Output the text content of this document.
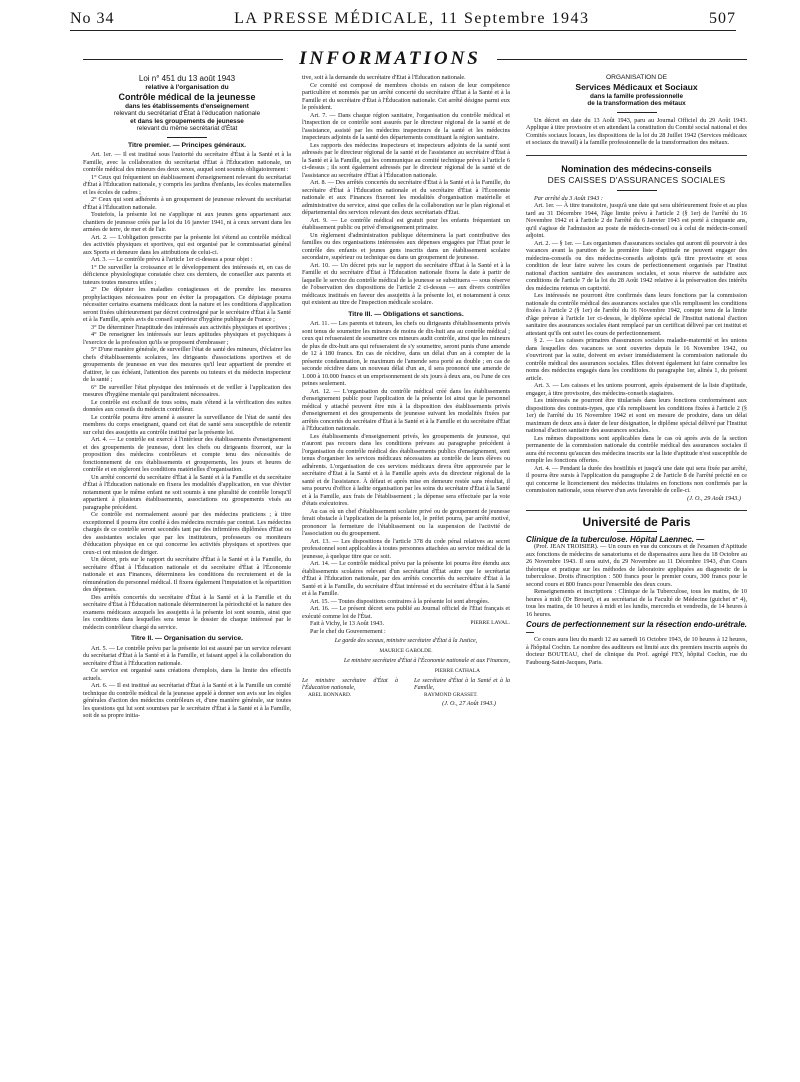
No 34	LA PRESSE MÉDICALE, 11 Septembre 1943	507
INFORMATIONS
Loi n° 451 du 13 août 1943
relative à l'organisation du
Contrôle médical de la jeunesse
dans les établissements d'enseignement
relevant du secrétariat d'État à l'éducation nationale
et dans les groupements de jeunesse
relevant du même secrétariat d'État
Titre premier. — Principes généraux.

Art. 1er. — Il est institué sous l'autorité du secrétaire d'État à la Santé et à la Famille, avec la collaboration du secrétariat d'État à l'Éducation nationale, un contrôle médical des mineurs des deux sexes, auquel sont soumis obligatoirement :

1° Ceux qui fréquentent un établissement d'enseignement relevant du secrétariat d'État à l'Éducation nationale, y compris les jardins d'enfants, les écoles maternelles et les écoles de cadres ;

2° Ceux qui sont adhérents à un groupement de jeunesse relevant du secrétariat d'État à l'Éducation nationale.

Toutefois, la présente loi ne s'applique ni aux jeunes gens appartenant aux chantiers de jeunesse créés par la loi du 16 janvier 1941, ni à ceux servant dans les armées de terre, de mer et de l'air.

Art. 2. — L'obligation prescrite par la présente loi s'étend au contrôle médical des activités physiques et sportives, qui est organisé par le commissariat général aux Sports et demeure dans les attributions de celui-ci.

Art. 3. — Le contrôle prévu à l'article 1er ci-dessus a pour objet :

1° De surveiller la croissance et le développement des intéressés et, en cas de déficience physiologique constatée chez ces derniers, de conseiller aux parents et tuteurs toutes mesures utiles ;

2° De dépister les maladies contagieuses et de prendre les mesures prophylactiques nécessaires pour en éviter la propagation. Ce dépistage pourra nécessiter certains examens médicaux dont la nature et les conditions d'application seront fixées ultérieurement par décret contresigné par le secrétaire d'État à la Santé et à la Famille, après avis du conseil supérieur d'hygiène publique de France ;

3° De déterminer l'inaptitude des intéressés aux activités physiques et sportives ;

4° De renseigner les intéressés sur leurs aptitudes physiques et psychiques à l'exercice de la profession qu'ils se proposent d'embrasser ;

5° D'une manière générale, de surveiller l'état de santé des mineurs, d'éclairer les chefs d'établissements scolaires, les dirigeants d'associations sportives et de groupements de jeunesse en vue des mesures qu'il leur appartient de prendre et d'attirer, le cas échéant, l'attention des parents ou tuteurs et du médecin inspecteur de la santé ;

6° De surveiller l'état physique des intéressés et de veiller à l'application des mesures d'hygiène mentale qui paraîtraient nécessaires.

Le contrôle est exclusif de tous soins, mais s'étend à la vérification des suites données aux conseils du médecin contrôleur.

Le contrôle pourra être amené à assurer la surveillance de l'état de santé des membres du corps enseignant, quand cet état de santé sera susceptible de retentir sur celui des assujettis au contrôle institué par la présente loi.

Art. 4. — Le contrôle est exercé à l'intérieur des établissements d'enseignement et des groupements de jeunesse, dont les chefs ou dirigeants fixeront, sur la proposition des médecins contrôleurs et compte tenu des nécessités de fonctionnement de ces établissements et groupements, les jours et heures de contrôle et en règleront les conditions matérielles d'organisation.

Un arrêté concerté du secrétaire d'État à la Santé et à la Famille et du secrétaire d'État à l'Éducation nationale en fixera les modalités d'application, en vue d'éviter notamment que le même enfant ne soit soumis à une pluralité de contrôle lorsqu'il appartient à plusieurs établissements, associations ou groupements visés au paragraphe précédent.

Ce contrôle est normalement assuré par des médecins praticiens ; à titre exceptionnel il pourra être confié à des médecins recrutés par contrat. Les médecins chargés de ce contrôle seront secondés tant par des infirmières diplômées d'État ou des assistantes sociales que par les instituteurs, professeurs ou moniteurs d'éducation physique en ce qui concerne les activités physiques et sportives que ceux-ci ont mission de diriger.

Un décret, pris sur le rapport du secrétaire d'État à la Santé et à la Famille, du secrétaire d'État à l'Éducation nationale et du secrétaire d'État à l'Économie nationale et aux Finances, déterminera les conditions du recrutement et de la rémunération du personnel médical. Il fixera également l'imputation et la répartition des dépenses.

Des arrêtés concertés du secrétaire d'État à la Santé et à la Famille et du secrétaire d'État à l'Éducation nationale détermineront la périodicité et la nature des examens médicaux auxquels les assujettis à la présente loi sont soumis, ainsi que les conditions dans lesquelles sera tenue le dossier de chaque intéressé par le médecin contrôleur chargé du service.

Titre II. — Organisation du service.

Art. 5. — Le contrôle prévu par la présente loi est assuré par un service relevant du secrétariat d'État à la Santé et à la Famille, et faisant appel à la collaboration du secrétaire d'État à l'Éducation nationale.

Ce service est organisé sans créations d'emplois, dans la limite des effectifs actuels.

Art. 6. — Il est institué au secrétariat d'État à la Santé et à la Famille un comité technique du contrôle médical de la jeunesse appelé à donner son avis sur les règles générales d'action des médecins contrôleurs et, d'une manière générale, sur toutes les questions qui lui sont soumises par le secrétaire d'État à la Santé et à la Famille, soit de sa propre initia-

tive, soit à la demande du secrétaire d'État à l'Éducation nationale.

Ce comité est composé de membres choisis en raison de leur compétence particulière et nommés par un arrêté concerté du secrétaire d'État à la Santé et à la Famille et du secrétaire d'État à l'Éducation nationale. Cet arrêté désigne parmi eux le président.

Art. 7. — Dans chaque région sanitaire, l'organisation du contrôle médical et l'inspection de ce contrôle sont assurés par le directeur régional de la santé et de l'assistance, assisté par les médecins inspecteurs de la santé et les médecins inspecteurs adjoints de la santé des départements constituant la région sanitaire.

Les rapports des médecins inspecteurs et inspecteurs adjoints de la santé sont adressés par le directeur régional de la santé et de l'assistance au secrétaire d'État à la Santé et à la Famille, qui les communique au comité technique prévu à l'article 6 ci-dessus ; ils sont également adressés par le directeur régional de la santé et de l'assistance au secrétaire d'État à l'Éducation nationale.

Art. 8. — Des arrêtés concertés du secrétaire d'État à la Santé et à la Famille, du secrétaire d'État à l'Éducation nationale et du secrétaire d'État à l'Économie nationale et aux Finances fixeront les modalités d'organisation matérielle et administrative du service, ainsi que celles de la collaboration sur le plan régional et départemental des services relevant des deux secrétariats d'État.

Art. 9. — Le contrôle médical est gratuit pour les enfants fréquentant un établissement public ou privé d'enseignement primaire.

Un règlement d'administration publique déterminera la part contributive des familles ou des organisations intéressées aux dépenses engagées par l'État pour le contrôle des enfants et jeunes gens inscrits dans un établissement scolaire secondaire, supérieur ou technique ou dans un groupement de jeunesse.

Art. 10. — Un décret pris sur le rapport du secrétaire d'État à la Santé et à la Famille et du secrétaire d'État à l'Éducation nationale fixera la date à partir de laquelle le service du contrôle médical de la jeunesse se substituera — sous réserve de l'observation des dispositions de l'article 2 ci-dessus — aux divers contrôles médicaux institués en faveur des assujettis à la présente loi, et notamment à ceux qui existent au titre de l'inspection médicale scolaire.

Titre III. — Obligations et sanctions.

Art. 11. — Les parents et tuteurs, les chefs ou dirigeants d'établissements privés sont tenus de soumettre les mineurs de moins de dix-huit ans au contrôle médical ; ceux qui refuseraient de soumettre ces mineurs audit contrôle, ainsi que les mineurs de plus de dix-huit ans qui refuseraient de s'y soumettre, seront punis d'une amende de 12 à 180 francs. En cas de récidive, dans un délai d'un an à compter de la présente condamnation, le maximum de l'amende sera porté au double ; en cas de seconde récidive dans un nouveau délai d'un an, il sera prononcé une amende de 1.000 à 10.000 francs et un emprisonnement de six jours à deux ans, ou l'une de ces peines seulement.

Art. 12. — L'organisation du contrôle médical créé dans les établissements d'enseignement public pour l'application de la présente loi ainsi que le personnel médical y attaché peuvent être mis à la disposition des établissements privés d'enseignement et des groupements de jeunesse suivant les modalités fixées par arrêtés concertés du secrétaire d'État à la Santé et à la Famille et du secrétaire d'État à l'Éducation nationale.

Les établissements d'enseignement privés, les groupements de jeunesse, qui n'auront pas recours dans les conditions prévues au paragraphe précédent à l'organisation du contrôle médical des établissements publics d'enseignement, sont tenus d'organiser les services médicaux nécessaires au contrôle de leurs élèves ou adhérents. L'organisation de ces services médicaux devra être approuvée par le secrétaire d'État à la Santé et à la Famille après avis du directeur régional de la santé et de l'assistance. À défaut et après mise en demeure restée sans résultat, il sera pourvu d'office à ladite organisation par les soins du secrétaire d'État à la Santé et à la Famille, aux frais de l'établissement ; la dépense sera effectuée par la voie d'états exécutoires.

Au cas où un chef d'établissement scolaire privé ou de groupement de jeunesse ferait obstacle à l'application de la présente loi, le préfet pourra, par arrêté motivé, prononcer la fermeture de l'établissement ou la suspension de l'activité de l'association ou du groupement.

Art. 13. — Les dispositions de l'article 378 du code pénal relatives au secret professionnel sont applicables à toutes personnes attachées au service médical de la jeunesse, à quelque titre que ce soit.

Art. 14. — Le contrôle médical prévu par la présente loi pourra être étendu aux établissements scolaires relevant d'un secrétariat d'État autre que le secrétariat d'État à l'Éducation nationale, par des arrêtés concertés du secrétaire d'État à la Santé et à la Famille, du secrétaire d'État intéressé et du secrétaire d'État à la Santé et à la Famille.

Art. 15. — Toutes dispositions contraires à la présente loi sont abrogées.

Art. 16. — Le présent décret sera publié au Journal officiel de l'État français et exécuté comme loi de l'État.

Fait à Vichy, le 13 Août 1943.	PIERRE LAVAL.

Par le chef du Gouvernement :

Le garde des sceaux, ministre secrétaire d'État à la Justice,
MAURICE GABOLDE.
Le ministre secrétaire d'État à l'Économie nationale et aux Finances,
PIERRE CATHALA
Le ministre secrétaire d'État à l'Éducation nationale,
ABEL BONNARD.
Le secrétaire d'État à la Santé et à la Famille,
RAYMOND GRASSET.
(J. O., 27 Août 1943.)
ORGANISATION DE
Services Médicaux et Sociaux
dans la famille professionnelle
de la transformation des métaux

Un décret en date du 13 Août 1943, paru au Journal Officiel du 29 Août 1943. Applique à titre provisoire et en attendant la constitution du Comité social national et des Comités sociaux locaux, les dispositions de la loi du 28 Juillet 1942 (Services médicaux et sociaux du travail) à la famille professionnelle de la transformation des métaux.

Nomination des médecins-conseils
DES CAISSES D'ASSURANCES SOCIALES

Par arrêté du 3 Août 1943 :

Art. 1er. — À titre transitoire, jusqu'à une date qui sera ultérieurement fixée et au plus tard au 31 Décembre 1944, l'âge limite prévu à l'article 2 (§ 1er) de l'arrêté du 16 Novembre 1942 et à l'article 2 de l'arrêté du 6 Janvier 1943 est porté à cinquante ans, qu'il s'agisse de l'admission au poste de médecin-conseil ou à celui de médecin-conseil adjoint.

Art. 2. — § 1er. — Les organismes d'assurances sociales qui auront dû pourvoir à des vacances avant la parution de la première liste d'aptitude ne peuvent engager des médecins-conseils ou des médecins-conseils adjoints qu'à titre provisoire et sous condition de leur faire suivre les cours de perfectionnement organisés par l'Institut national d'action sanitaire des assurances sociales, et sous réserve de satisfaire aux conditions de l'article 7 de la loi du 28 Août 1942 relative à la préservation des intérêts des médecins retenus en captivité.

Les intéressés ne pourront être confirmés dans leurs fonctions par la commission nationale du contrôle médical des assurances sociales que s'ils remplissent les conditions fixées à l'article 2 (§ 1er) de l'arrêté du 16 Novembre 1942, compte tenu de la limite d'âge prévue à l'article 1er ci-dessus, le diplôme spécial de l'Institut national d'action sanitaire des assurances sociales étant remplacé par un certificat délivré par cet institut et attestant qu'ils ont suivi les cours de perfectionnement.

§ 2. — Les caisses primaires d'assurances sociales maladie-maternité et les unions dans lesquelles des vacances se sont ouvertes depuis le 16 Novembre 1942, ou s'ouvriront par la suite, doivent en aviser immédiatement la commission nationale du contrôle médical des assurances sociales. Elles doivent également lui faire connaître les noms des médecins engagés dans les conditions du paragraphe 1er, alinéa 1, du présent article.

Art. 3. — Les caisses et les unions pourront, après épuisement de la liste d'aptitude, engager, à titre provisoire, des médecins-conseils stagiaires.

Les intéressés ne pourront être titularisés dans leurs fonctions conformément aux dispositions des contrats-types, que s'ils remplissent les conditions fixées à l'article 2 (§ 1er) de l'arrêté du 16 Novembre 1942 et sont en mesure de produire, dans un délai maximum de deux ans à dater de leur désignation, le diplôme spécial délivré par l'Institut national d'action sanitaire des assurances sociales.

Les mêmes dispositions sont applicables dans le cas où après avis de la section permanente de la commission nationale du contrôle médical des assurances sociales il aura été reconnu qu'aucun des médecins inscrits sur la liste d'aptitude n'est susceptible de remplir les fonctions offertes.

Art. 4. — Pendant la durée des hostilités et jusqu'à une date qui sera fixée par arrêté, il pourra être sursis à l'application du paragraphe 2 de l'article 8 de l'arrêté précité en ce qui concerne le licenciement des médecins titulaires en fonctions non confirmés par la commission nationale, sous réserve d'un avis favorable de celle-ci.

(J. O., 29 Août 1943.)
Université de Paris

Clinique de la tuberculose. Hôpital Laennec. —

(Prof. JEAN TROISIER). — Un cours en vue du concours et de l'examen d'Aptitude aux fonctions de médecins de sanatoriums et de dispensaires aura lieu du 18 Octobre au 26 Novembre 1943. Il sera suivi, du 29 Novembre au 11 Décembre 1943, d'un Cours théorique et pratique sur les méthodes de laboratoire appliquées au diagnostic de la tuberculose. Droits d'inscription : 500 francs pour le premier cours, 300 francs pour le second cours et 800 francs pour l'ensemble des deux cours.

Renseignements et inscriptions : Clinique de la Tuberculose, tous les matins, de 10 heures à midi (Dr Brouet), et au secrétariat de la Faculté de Médecine (guichet n° 4), tous les matins, de 10 heures à midi et les lundis, mercredis et vendredis, de 14 heures à 16 heures.

Cours de perfectionnement sur la résection endo-urétrale. —

Ce cours aura lieu du mardi 12 au samedi 16 Octobre 1943, de 10 heures à 12 heures, à l'hôpital Cochin. Le nombre des auditeurs est limité aux dix premiers inscrits auprès du docteur BOUTEAU, chef de clinique du Prof. agrégé FEY, hôpital Cochin, rue du Faubourg-Saint-Jacques, Paris.
